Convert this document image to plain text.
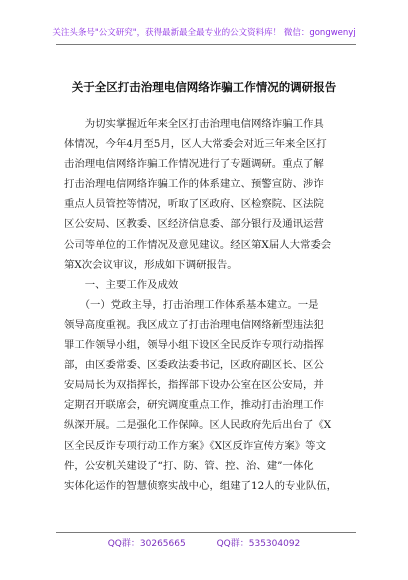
关注头条号"公文研究"，获得最新最全最专业的公文资料库！ 微信：gongwenyj
关于全区打击治理电信网络诈骗工作情况的调研报告
　　为切实掌握近年来全区打击治理电信网络诈骗工作具
体情况，今年4月至5月，区人大常委会对近三年来全区打
击治理电信网络诈骗工作情况进行了专题调研。重点了解
打击治理电信网络诈骗工作的体系建立、预警宣防、涉诈
重点人员管控等情况，听取了区政府、区检察院、区法院
区公安局、区教委、区经济信息委、部分银行及通讯运营
公司等单位的工作情况及意见建议。经区第X届人大常委会
第X次会议审议，形成如下调研报告。
　　一、主要工作及成效
　　（一）党政主导，打击治理工作体系基本建立。一是
领导高度重视。我区成立了打击治理电信网络新型违法犯
罪工作领导小组，领导小组下设区全民反诈专项行动指挥
部，由区委常委、区委政法委书记，区政府副区长、区公
安局局长为双指挥长，指挥部下设办公室在区公安局，并
定期召开联席会，研究调度重点工作，推动打击治理工作
纵深开展。二是强化工作保障。区人民政府先后出台了《X
区全民反诈专项行动工作方案》《X区反诈宣传方案》等文
件，公安机关建设了“打、防、管、控、治、建”一体化
实体化运作的智慧侦察实战中心，组建了12人的专业队伍，
QQ群：30265665	QQ群：535304092
